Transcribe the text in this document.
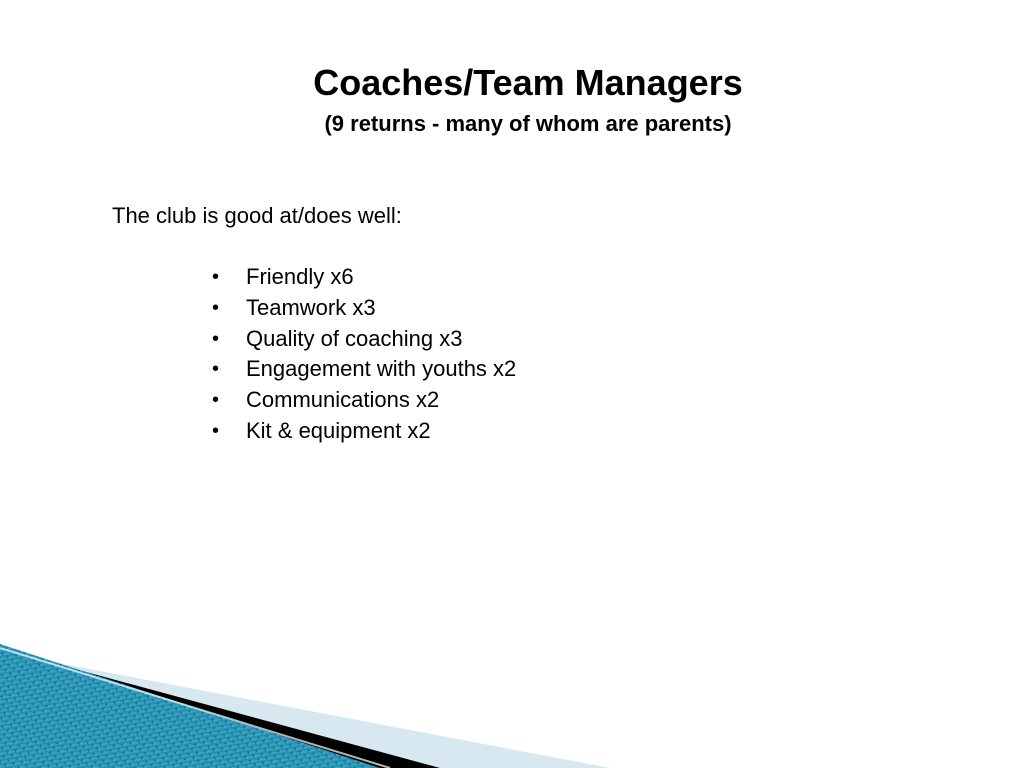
Coaches/Team Managers
(9 returns - many of whom are parents)

The club is good at/does well:

• Friendly x6
• Teamwork x3
• Quality of coaching x3
• Engagement with youths x2
• Communications x2
• Kit & equipment x2
